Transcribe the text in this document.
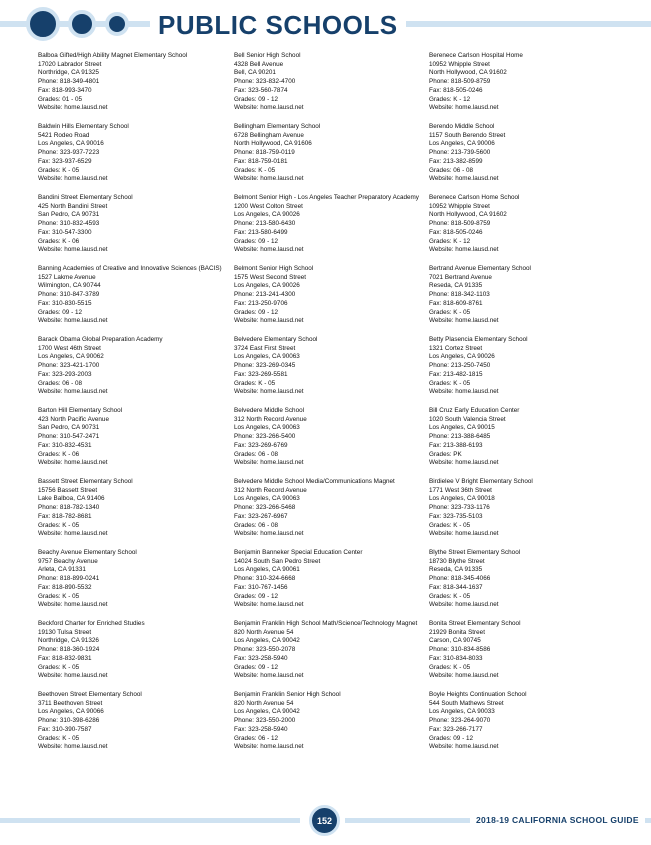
PUBLIC SCHOOLS
Balboa Gifted/High Ability Magnet Elementary School
17020 Labrador Street
Northridge, CA 91325
Phone: 818-349-4801
Fax: 818-993-3470
Grades: 01 - 05
Website: home.lausd.net
Baldwin Hills Elementary School
5421 Rodeo Road
Los Angeles, CA 90016
Phone: 323-937-7223
Fax: 323-937-6529
Grades: K - 05
Website: home.lausd.net
Bandini Street Elementary School
425 North Bandini Street
San Pedro, CA 90731
Phone: 310-832-4593
Fax: 310-547-3300
Grades: K - 06
Website: home.lausd.net
Banning Academies of Creative and Innovative Sciences (BACIS)
1527 Lakme Avenue
Wilmington, CA 90744
Phone: 310-847-3789
Fax: 310-830-5515
Grades: 09 - 12
Website: home.lausd.net
Barack Obama Global Preparation Academy
1700 West 46th Street
Los Angeles, CA 90062
Phone: 323-421-1700
Fax: 323-293-2003
Grades: 06 - 08
Website: home.lausd.net
Barton Hill Elementary School
423 North Pacific Avenue
San Pedro, CA 90731
Phone: 310-547-2471
Fax: 310-832-4531
Grades: K - 06
Website: home.lausd.net
Bassett Street Elementary School
15756 Bassett Street
Lake Balboa, CA 91406
Phone: 818-782-1340
Fax: 818-782-8681
Grades: K - 05
Website: home.lausd.net
Beachy Avenue Elementary School
9757 Beachy Avenue
Arleta, CA 91331
Phone: 818-899-0241
Fax: 818-890-5532
Grades: K - 05
Website: home.lausd.net
Beckford Charter for Enriched Studies
19130 Tulsa Street
Northridge, CA 91326
Phone: 818-360-1924
Fax: 818-832-9831
Grades: K - 05
Website: home.lausd.net
Beethoven Street Elementary School
3711 Beethoven Street
Los Angeles, CA 90066
Phone: 310-398-6286
Fax: 310-390-7587
Grades: K - 05
Website: home.lausd.net
Bell Senior High School
4328 Bell Avenue
Bell, CA 90201
Phone: 323-832-4700
Fax: 323-560-7874
Grades: 09 - 12
Website: home.lausd.net
Bellingham Elementary School
6728 Bellingham Avenue
North Hollywood, CA 91606
Phone: 818-759-0119
Fax: 818-759-0181
Grades: K - 05
Website: home.lausd.net
Belmont Senior High - Los Angeles Teacher Preparatory Academy
1200 West Colton Street
Los Angeles, CA 90026
Phone: 213-580-6430
Fax: 213-580-6499
Grades: 09 - 12
Website: home.lausd.net
Belmont Senior High School
1575 West Second Street
Los Angeles, CA 90026
Phone: 213-241-4300
Fax: 213-250-9706
Grades: 09 - 12
Website: home.lausd.net
Belvedere Elementary School
3724 East First Street
Los Angeles, CA 90063
Phone: 323-269-0345
Fax: 323-269-5581
Grades: K - 05
Website: home.lausd.net
Belvedere Middle School
312 North Record Avenue
Los Angeles, CA 90063
Phone: 323-266-5400
Fax: 323-269-6769
Grades: 06 - 08
Website: home.lausd.net
Belvedere Middle School Media/Communications Magnet
312 North Record Avenue
Los Angeles, CA 90063
Phone: 323-266-5468
Fax: 323-267-6967
Grades: 06 - 08
Website: home.lausd.net
Benjamin Banneker Special Education Center
14024 South San Pedro Street
Los Angeles, CA 90061
Phone: 310-324-6668
Fax: 310-767-1456
Grades: 09 - 12
Website: home.lausd.net
Benjamin Franklin High School Math/Science/Technology Magnet
820 North Avenue 54
Los Angeles, CA 90042
Phone: 323-550-2078
Fax: 323-258-5940
Grades: 09 - 12
Website: home.lausd.net
Benjamin Franklin Senior High School
820 North Avenue 54
Los Angeles, CA 90042
Phone: 323-550-2000
Fax: 323-258-5940
Grades: 06 - 12
Website: home.lausd.net
Berenece Carlson Hospital Home
10952 Whipple Street
North Hollywood, CA 91602
Phone: 818-509-8759
Fax: 818-505-0246
Grades: K - 12
Website: home.lausd.net
Berendo Middle School
1157 South Berendo Street
Los Angeles, CA 90006
Phone: 213-739-5600
Fax: 213-382-8599
Grades: 06 - 08
Website: home.lausd.net
Berenece Carlson Home School
10952 Whipple Street
North Hollywood, CA 91602
Phone: 818-509-8759
Fax: 818-505-0246
Grades: K - 12
Website: home.lausd.net
Bertrand Avenue Elementary School
7021 Bertrand Avenue
Reseda, CA 91335
Phone: 818-342-1103
Fax: 818-609-8761
Grades: K - 05
Website: home.lausd.net
Betty Plasencia Elementary School
1321 Cortez Street
Los Angeles, CA 90026
Phone: 213-250-7450
Fax: 213-482-1815
Grades: K - 05
Website: home.lausd.net
Bill Cruz Early Education Center
1020 South Valencia Street
Los Angeles, CA 90015
Phone: 213-388-6485
Fax: 213-388-6193
Grades: PK
Website: home.lausd.net
Birdielee V Bright Elementary School
1771 West 36th Street
Los Angeles, CA 90018
Phone: 323-733-1176
Fax: 323-735-5103
Grades: K - 05
Website: home.lausd.net
Blythe Street Elementary School
18730 Blythe Street
Reseda, CA 91335
Phone: 818-345-4066
Fax: 818-344-1637
Grades: K - 05
Website: home.lausd.net
Bonita Street Elementary School
21929 Bonita Street
Carson, CA 90745
Phone: 310-834-8586
Fax: 310-834-8033
Grades: K - 05
Website: home.lausd.net
Boyle Heights Continuation School
544 South Mathews Street
Los Angeles, CA 90033
Phone: 323-264-9070
Fax: 323-266-7177
Grades: 09 - 12
Website: home.lausd.net
152	2018-19 CALIFORNIA SCHOOL GUIDE
